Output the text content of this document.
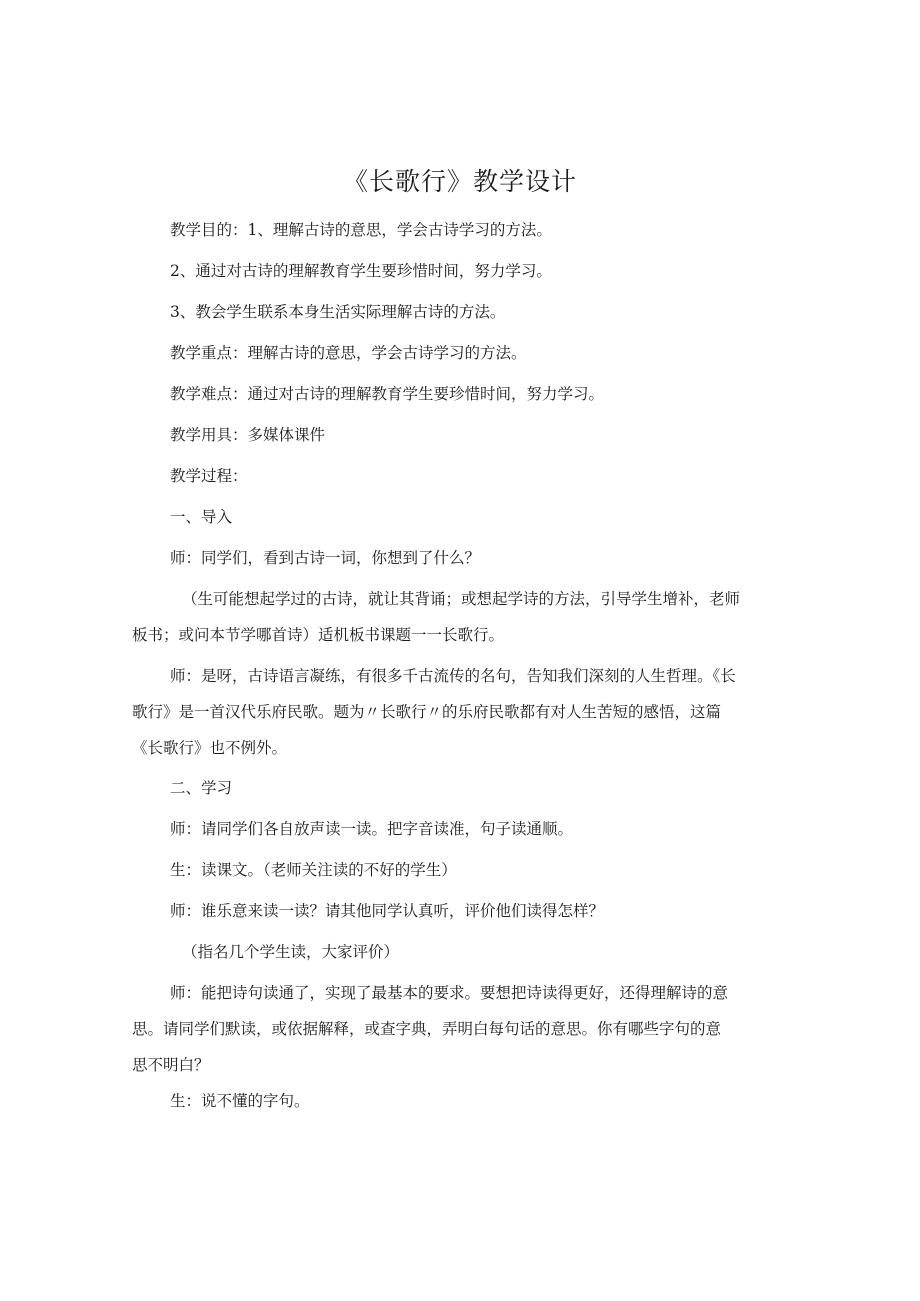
《长歌行》教学设计
教学目的：1、理解古诗的意思，学会古诗学习的方法。
2、通过对古诗的理解教育学生要珍惜时间，努力学习。
3、教会学生联系本身生活实际理解古诗的方法。
教学重点：理解古诗的意思，学会古诗学习的方法。
教学难点：通过对古诗的理解教育学生要珍惜时间，努力学习。
教学用具：多媒体课件
教学过程：
一、导入
师：同学们，看到古诗一词，你想到了什么？
（生可能想起学过的古诗，就让其背诵；或想起学诗的方法，引导学生增补，老师
板书；或问本节学哪首诗）适机板书课题一一长歌行。
师：是呀，古诗语言凝练，有很多千古流传的名句，告知我们深刻的人生哲理。《长
歌行》是一首汉代乐府民歌。题为〃长歌行〃的乐府民歌都有对人生苦短的感悟，这篇
《长歌行》也不例外。
二、学习
师：请同学们各自放声读一读。把字音读准，句子读通顺。
生：读课文。（老师关注读的不好的学生）
师：谁乐意来读一读？请其他同学认真听，评价他们读得怎样？
（指名几个学生读，大家评价）
师：能把诗句读通了，实现了最基本的要求。要想把诗读得更好，还得理解诗的意
思。请同学们默读，或依据解释，或查字典，弄明白每句话的意思。你有哪些字句的意
思不明白？
生：说不懂的字句。
